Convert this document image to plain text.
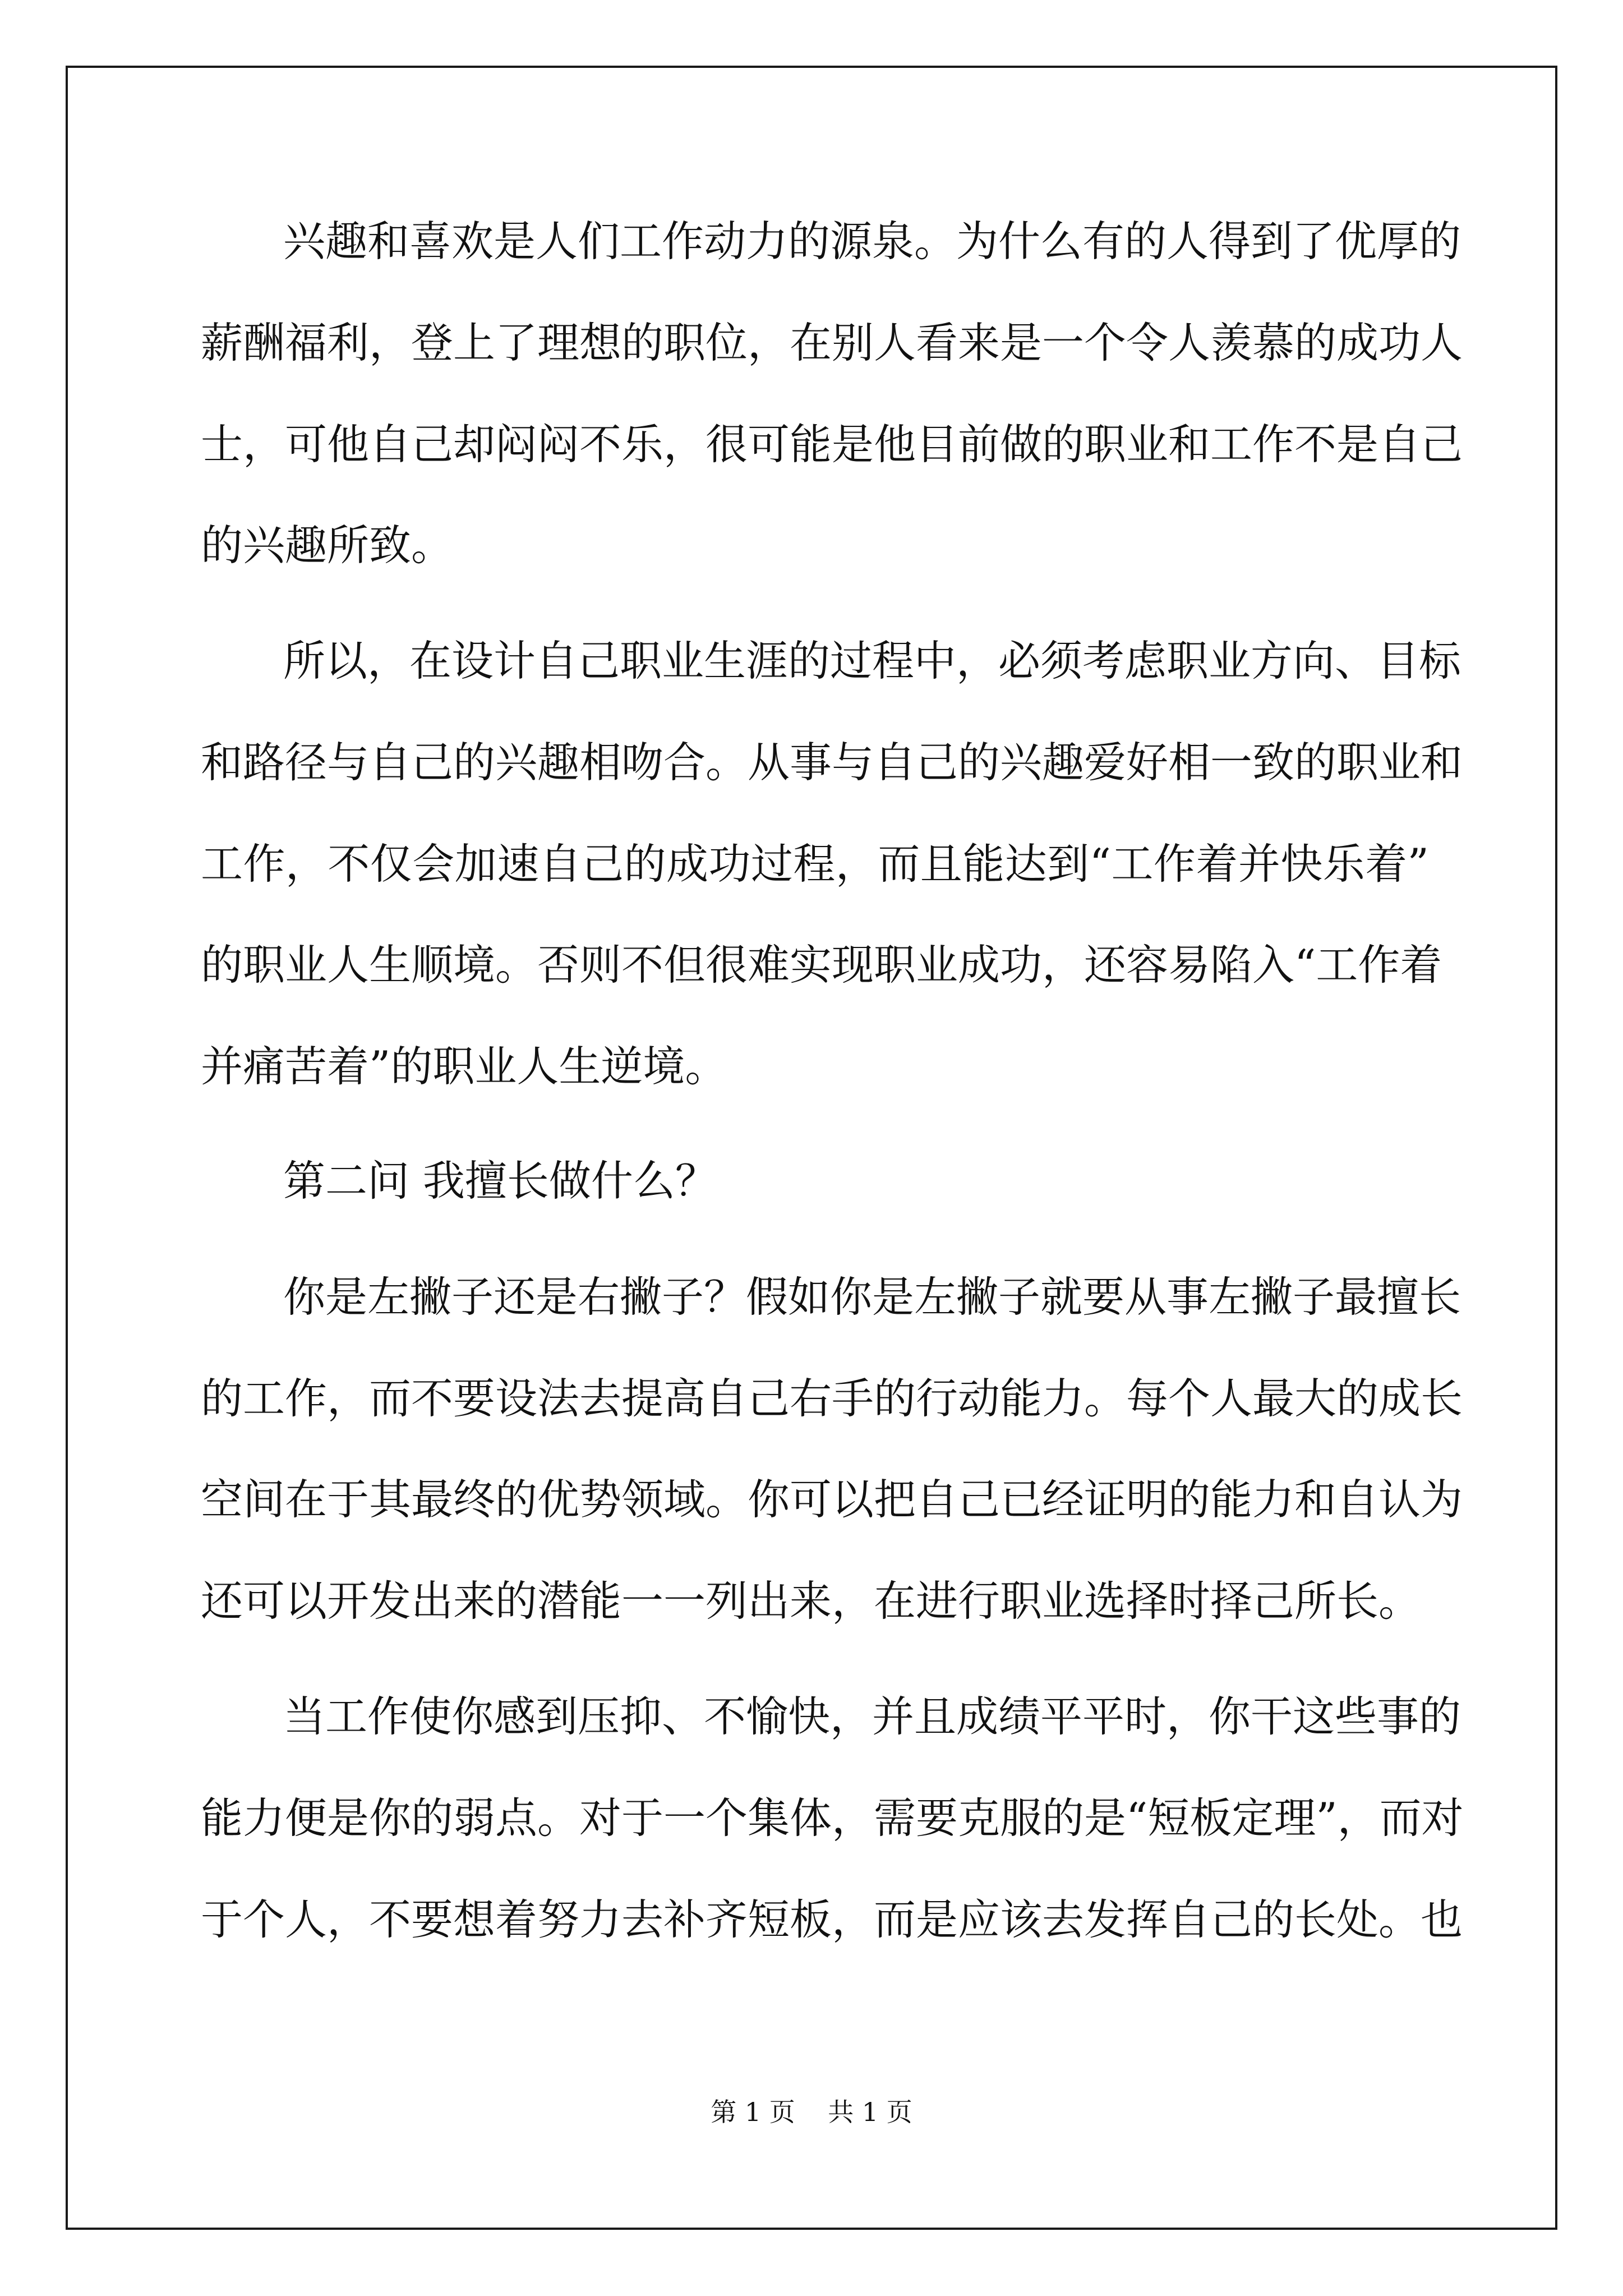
兴趣和喜欢是人们工作动力的源泉。为什么有的人得到了优厚的

薪酬福利，登上了理想的职位，在别人看来是一个令人羡慕的成功人

士，可他自己却闷闷不乐，很可能是他目前做的职业和工作不是自己

的兴趣所致。

所以，在设计自己职业生涯的过程中，必须考虑职业方向、目标

和路径与自己的兴趣相吻合。从事与自己的兴趣爱好相一致的职业和

工作，不仅会加速自己的成功过程，而且能达到“工作着并快乐着”

的职业人生顺境。否则不但很难实现职业成功，还容易陷入“工作着

并痛苦着”的职业人生逆境。

第二问 我擅长做什么？

你是左撇子还是右撇子？假如你是左撇子就要从事左撇子最擅长

的工作，而不要设法去提高自己右手的行动能力。每个人最大的成长

空间在于其最终的优势领域。你可以把自己已经证明的能力和自认为

还可以开发出来的潜能一一列出来，在进行职业选择时择己所长。

当工作使你感到压抑、不愉快，并且成绩平平时，你干这些事的

能力便是你的弱点。对于一个集体，需要克服的是“短板定理”，而对

于个人，不要想着努力去补齐短板，而是应该去发挥自己的长处。也

第 1 页    共 1 页
